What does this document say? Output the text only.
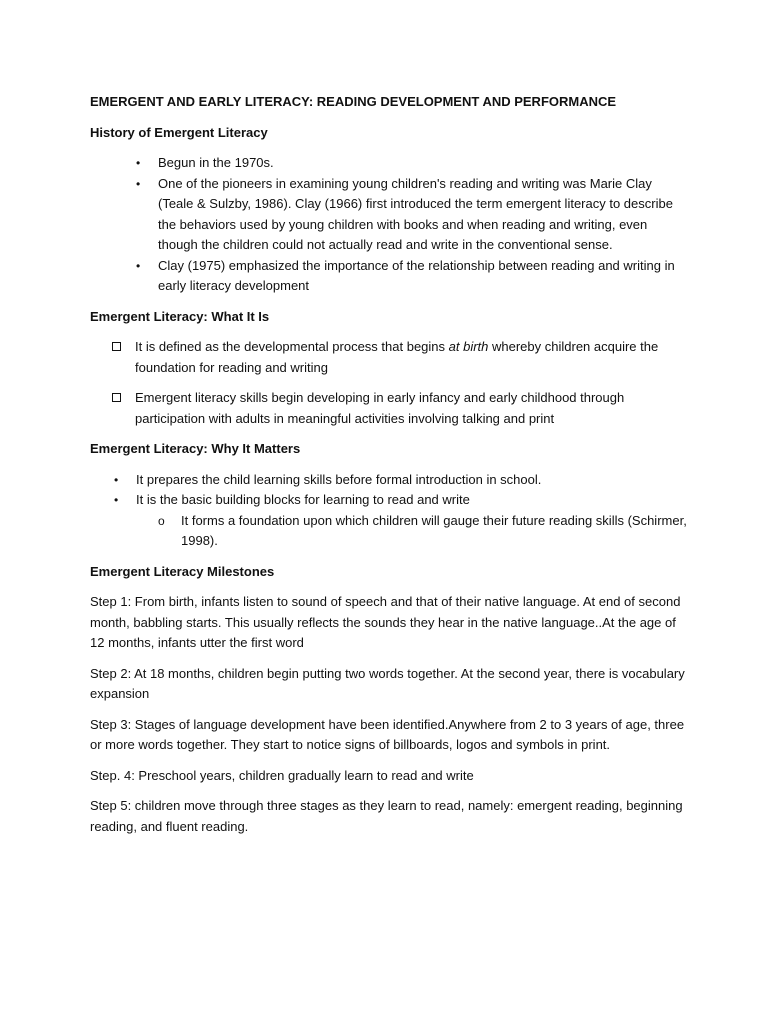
EMERGENT AND EARLY LITERACY: READING DEVELOPMENT AND PERFORMANCE
History of Emergent Literacy
• Begun in the 1970s.
• One of the pioneers in examining young children's reading and writing was Marie Clay (Teale & Sulzby, 1986). Clay (1966) first introduced the term emergent literacy to describe the behaviors used by young children with books and when reading and writing, even though the children could not actually read and write in the conventional sense.
• Clay (1975) emphasized the importance of the relationship between reading and writing in early literacy development
Emergent Literacy: What It Is
It is defined as the developmental process that begins at birth whereby children acquire the foundation for reading and writing
Emergent literacy skills begin developing in early infancy and early childhood through participation with adults in meaningful activities involving talking and print
Emergent Literacy: Why It Matters
• It prepares the child learning skills before formal introduction in school.
• It is the basic building blocks for learning to read and write
o It forms a foundation upon which children will gauge their future reading skills (Schirmer, 1998).
Emergent Literacy Milestones

Step 1: From birth, infants listen to sound of speech and that of their native language. At end of second month, babbling starts. This usually reflects the sounds they hear in the native language..At the age of 12 months, infants utter the first word

Step 2: At 18 months, children begin putting two words together. At the second year, there is vocabulary expansion

Step 3: Stages of language development have been identified.Anywhere from 2 to 3 years of age, three or more words together. They start to notice signs of billboards, logos and symbols in print.

Step. 4: Preschool years, children gradually learn to read and write

Step 5: children move through three stages as they learn to read, namely: emergent reading, beginning reading, and fluent reading.
